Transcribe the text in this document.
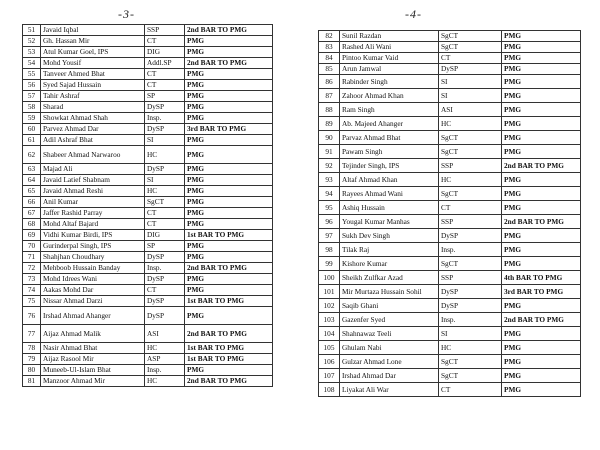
-3-	-4-
51	Javaid Iqbal	SSP	2nd BAR TO PMG
52	Gh. Hassan Mir	CT	PMG
53	Atul Kumar Goel, IPS	DIG	PMG
54	Mohd Yousif	Addl.SP	2nd BAR TO PMG
55	Tanveer Ahmed Bhat	CT	PMG
56	Syed Sajad Hussain	CT	PMG
57	Tahir Ashraf	SP	PMG
58	Sharad	DySP	PMG
59	Showkat Ahmad Shah	Insp.	PMG
60	Parvez Ahmad Dar	DySP	3rd BAR TO PMG
61	Adil Ashraf Bhat	SI	PMG
62	Shabeer Ahmad Narwaroo	HC	PMG
63	Majad Ali	DySP	PMG
64	Javaid Latief Shabnam	SI	PMG
65	Javaid Ahmad Reshi	HC	PMG
66	Anil Kumar	SgCT	PMG
67	Jaffer Rashid Parray	CT	PMG
68	Mohd Altaf Bajard	CT	PMG
69	Vidhi Kumar Birdi, IPS	DIG	1st BAR TO PMG
70	Gurinderpal Singh, IPS	SP	PMG
71	Shahjhan Choudhary	DySP	PMG
72	Mehboob Hussain Banday	Insp.	2nd BAR TO PMG
73	Mohd Idrees Wani	DySP	PMG
74	Aakas Mohd Dar	CT	PMG
75	Nissar Ahmad Darzi	DySP	1st BAR TO PMG
76	Irshad Ahmad Ahanger	DySP	PMG
77	Aijaz Ahmad Malik	ASI	2nd BAR TO PMG
78	Nasir Ahmad Bhat	HC	1st BAR TO PMG
79	Aijaz Rasool Mir	ASP	1st BAR TO PMG
80	Muneeb-Ul-Islam Bhat	Insp.	PMG
81	Manzoor Ahmad Mir	HC	2nd BAR TO PMG
82	Sunil Razdan	SgCT	PMG
83	Rashed Ali Wani	SgCT	PMG
84	Pintoo Kumar Vaid	CT	PMG
85	Arun Jamwal	DySP	PMG
86	Rabinder Singh	SI	PMG
87	Zahoor Ahmad Khan	SI	PMG
88	Ram Singh	ASI	PMG
89	Ab. Majeed Ahanger	HC	PMG
90	Parvaz Ahmad Bhat	SgCT	PMG
91	Pawam Singh	SgCT	PMG
92	Tejinder Singh, IPS	SSP	2nd BAR TO PMG
93	Altaf Ahmad Khan	HC	PMG
94	Rayees Ahmad Wani	SgCT	PMG
95	Ashiq Hussain	CT	PMG
96	Yougal Kumar Manhas	SSP	2nd BAR TO PMG
97	Sukh Dev Singh	DySP	PMG
98	Tilak Raj	Insp.	PMG
99	Kishore Kumar	SgCT	PMG
100	Sheikh Zulfkar Azad	SSP	4th BAR TO PMG
101	Mir Murtaza Hussain Sohil	DySP	3rd BAR TO PMG
102	Saqib Ghani	DySP	PMG
103	Gazenfer Syed	Insp.	2nd BAR TO PMG
104	Shahnawaz Teeli	SI	PMG
105	Ghulam Nabi	HC	PMG
106	Gulzar Ahmad Lone	SgCT	PMG
107	Irshad Ahmad Dar	SgCT	PMG
108	Liyakat Ali War	CT	PMG
